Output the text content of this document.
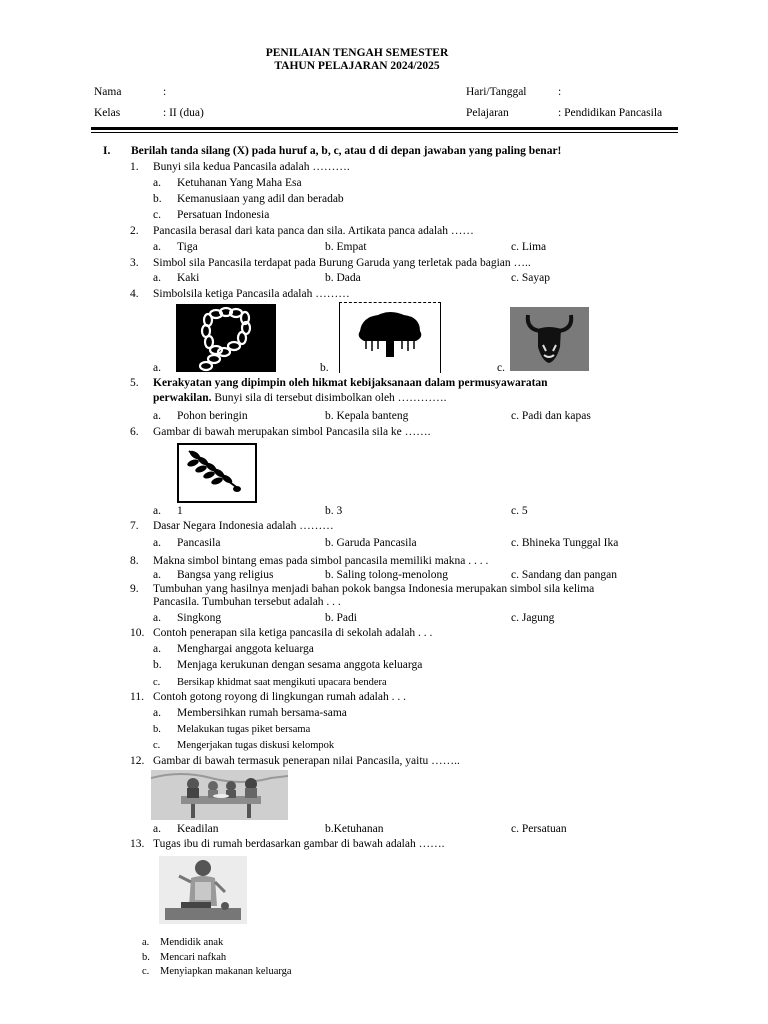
PENILAIAN TENGAH SEMESTER
TAHUN PELAJARAN 2024/2025
Nama	:	Hari/Tanggal	:
Kelas	: II (dua)	Pelajaran	: Pendidikan Pancasila
I. Berilah tanda silang (X) pada huruf a, b, c, atau d di depan jawaban yang paling benar!
1. Bunyi sila kedua Pancasila adalah ……….
a. Ketuhanan Yang Maha Esa
b. Kemanusiaan yang adil dan beradab
c. Persatuan Indonesia
2. Pancasila berasal dari kata panca dan sila. Artikata panca adalah ……
a. Tiga	b. Empat	c. Lima
3. Simbol sila Pancasila terdapat pada Burung Garuda yang terletak pada bagian …..
a. Kaki	b. Dada	c. Sayap
4. Simbolsila ketiga Pancasila adalah ………
a.	b.	c.
5. Kerakyatan yang dipimpin oleh hikmat kebijaksanaan dalam permusyawaratan
perwakilan. Bunyi sila di tersebut disimbolkan oleh ………….
a. Pohon beringin	b. Kepala banteng	c. Padi dan kapas
6. Gambar di bawah merupakan simbol Pancasila sila ke …….
a. 1	b. 3	c. 5
7. Dasar Negara Indonesia adalah ………
a. Pancasila	b. Garuda Pancasila	c. Bhineka Tunggal Ika
8. Makna simbol bintang emas pada simbol pancasila memiliki makna . . . .
a. Bangsa yang religius	b. Saling tolong-menolong	c. Sandang dan pangan
9. Tumbuhan yang hasilnya menjadi bahan pokok bangsa Indonesia merupakan simbol sila kelima
Pancasila. Tumbuhan tersebut adalah . . .
a. Singkong	b. Padi	c. Jagung
10. Contoh penerapan sila ketiga pancasila di sekolah adalah . . .
a. Menghargai anggota keluarga
b. Menjaga kerukunan dengan sesama anggota keluarga
c. Bersikap khidmat saat mengikuti upacara bendera
11. Contoh gotong royong di lingkungan rumah adalah . . .
a. Membersihkan rumah bersama-sama
b. Melakukan tugas piket bersama
c. Mengerjakan tugas diskusi kelompok
12. Gambar di bawah termasuk penerapan nilai Pancasila, yaitu ……..
a. Keadilan	b.Ketuhanan	c. Persatuan
13. Tugas ibu di rumah berdasarkan gambar di bawah adalah …….
a. Mendidik anak
b. Mencari nafkah
c. Menyiapkan makanan keluarga
